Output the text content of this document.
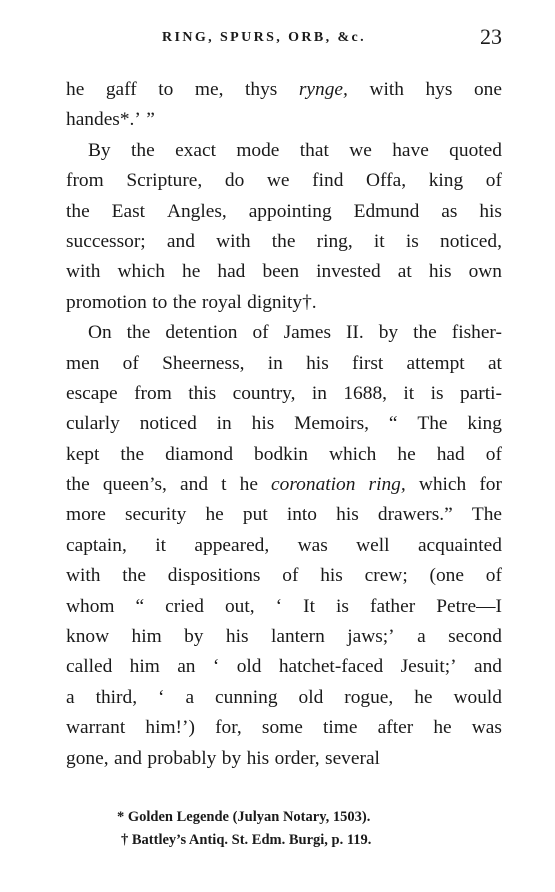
RING, SPURS, ORB, &c.	23
he gaff to me, thys rynge, with hys one
handes*.’ ”
By the exact mode that we have quoted
from Scripture, do we find Offa, king of
the East Angles, appointing Edmund as his
successor; and with the ring, it is noticed,
with which he had been invested at his own
promotion to the royal dignity†.
On the detention of James II. by the fisher-
men of Sheerness, in his first attempt at
escape from this country, in 1688, it is parti-
cularly noticed in his Memoirs, “ The king
kept the diamond bodkin which he had of
the queen’s, and t he coronation ring, which for
more security he put into his drawers.” The
captain, it appeared, was well acquainted
with the dispositions of his crew; (one of
whom “ cried out, ‘ It is father Petre—I
know him by his lantern jaws;’ a second
called him an ‘ old hatchet-faced Jesuit;’ and
a third, ‘ a cunning old rogue, he would
warrant him!’) for, some time after he was
gone, and probably by his order, several
* Golden Legende (Julyan Notary, 1503).
† Battley’s Antiq. St. Edm. Burgi, p. 119.
